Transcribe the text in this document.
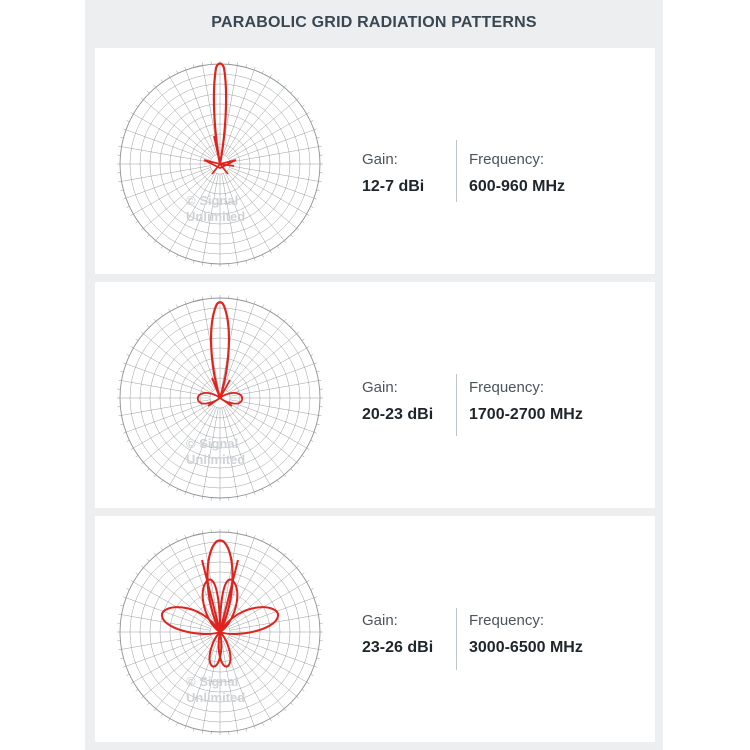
PARABOLIC GRID RADIATION PATTERNS
© Signal
Unlimited
Gain:
12-7 dBi
Frequency:
600-960 MHz
© Signal
Unlimited
Gain:
20-23 dBi
Frequency:
1700-2700 MHz
© Signal
Unlimited
Gain:
23-26 dBi
Frequency:
3000-6500 MHz
